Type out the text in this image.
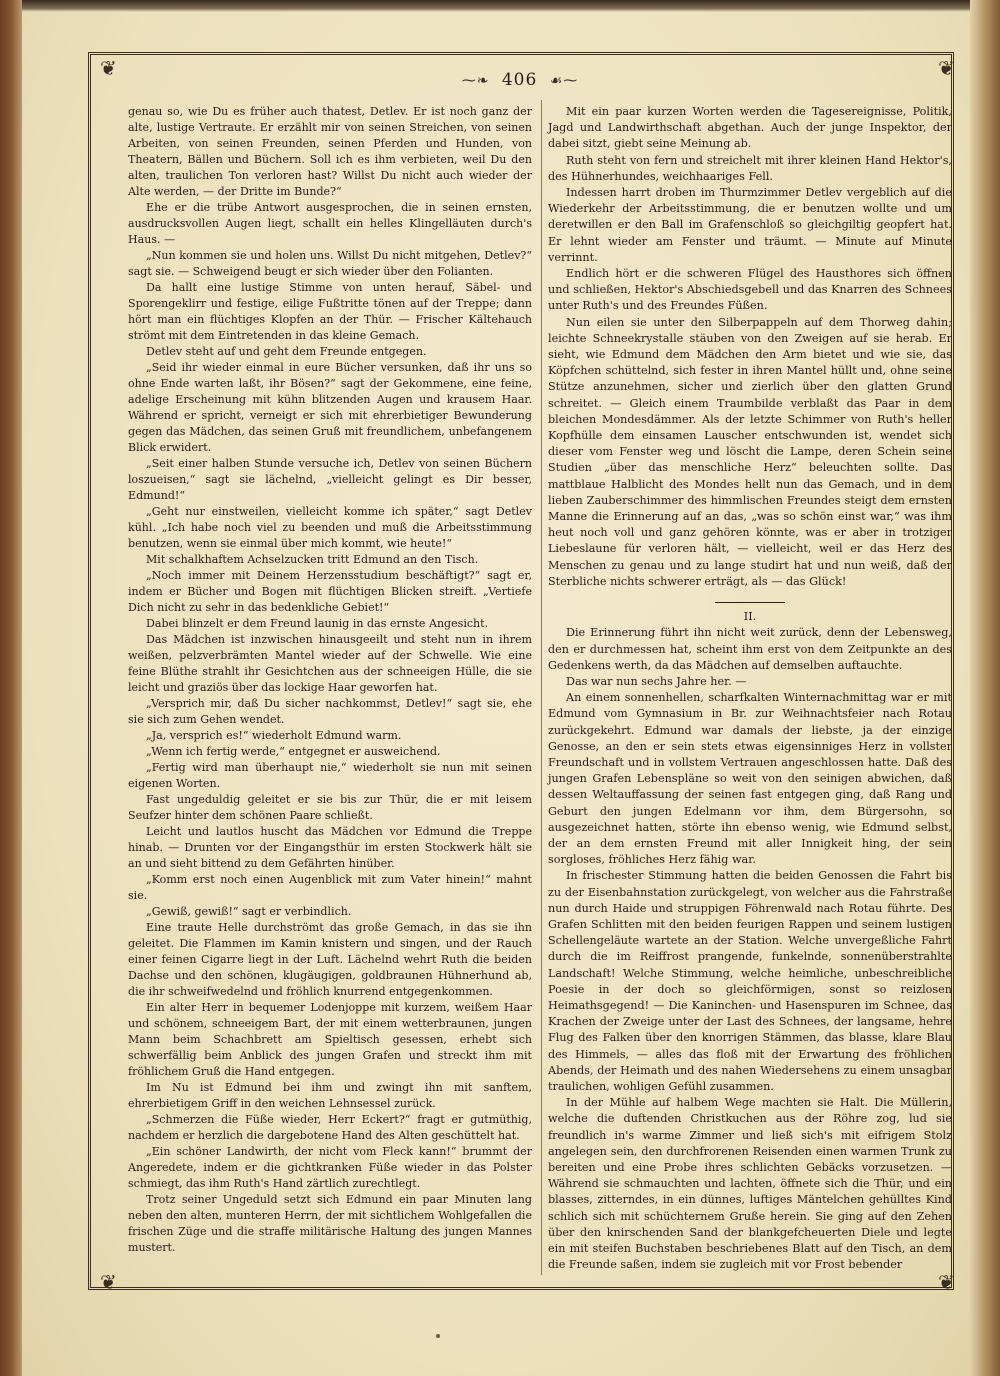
❦	❦
❦	❦
⁓❧ 406 ☙⁓

genau so, wie Du es früher auch thatest, Detlev. Er ist noch ganz der alte, lustige Vertraute. Er erzählt mir von seinen Streichen, von seinen Arbeiten, von seinen Freunden, seinen Pferden und Hunden, von Theatern, Bällen und Büchern. Soll ich es ihm verbieten, weil Du den alten, traulichen Ton verloren hast? Willst Du nicht auch wieder der Alte werden, — der Dritte im Bunde?“

Ehe er die trübe Antwort ausgesprochen, die in seinen ernsten, ausdrucksvollen Augen liegt, schallt ein helles Klingelläuten durch's Haus. —

„Nun kommen sie und holen uns. Willst Du nicht mitgehen, Detlev?“ sagt sie. — Schweigend beugt er sich wieder über den Folianten.

Da hallt eine lustige Stimme von unten herauf, Säbel- und Sporengeklirr und festige, eilige Fußtritte tönen auf der Treppe; dann hört man ein flüchtiges Klopfen an der Thür. — Frischer Kältehauch strömt mit dem Eintretenden in das kleine Gemach.

Detlev steht auf und geht dem Freunde entgegen.

„Seid ihr wieder einmal in eure Bücher versunken, daß ihr uns so ohne Ende warten laßt, ihr Bösen?“ sagt der Gekommene, eine feine, adelige Erscheinung mit kühn blitzenden Augen und krausem Haar. Während er spricht, verneigt er sich mit ehrerbietiger Bewunderung gegen das Mädchen, das seinen Gruß mit freundlichem, unbefangenem Blick erwidert.

„Seit einer halben Stunde versuche ich, Detlev von seinen Büchern loszueisen,“ sagt sie lächelnd, „vielleicht gelingt es Dir besser, Edmund!“

„Geht nur einstweilen, vielleicht komme ich später,“ sagt Detlev kühl. „Ich habe noch viel zu beenden und muß die Arbeitsstimmung benutzen, wenn sie einmal über mich kommt, wie heute!“

Mit schalkhaftem Achselzucken tritt Edmund an den Tisch.

„Noch immer mit Deinem Herzensstudium beschäftigt?“ sagt er, indem er Bücher und Bogen mit flüchtigen Blicken streift. „Vertiefe Dich nicht zu sehr in das bedenkliche Gebiet!“

Dabei blinzelt er dem Freund launig in das ernste Angesicht.

Das Mädchen ist inzwischen hinausgeeilt und steht nun in ihrem weißen, pelzverbrämten Mantel wieder auf der Schwelle. Wie eine feine Blüthe strahlt ihr Gesichtchen aus der schneeigen Hülle, die sie leicht und graziös über das lockige Haar geworfen hat.

„Versprich mir, daß Du sicher nachkommst, Detlev!“ sagt sie, ehe sie sich zum Gehen wendet.

„Ja, versprich es!“ wiederholt Edmund warm.

„Wenn ich fertig werde,“ entgegnet er ausweichend.

„Fertig wird man überhaupt nie,“ wiederholt sie nun mit seinen eigenen Worten.

Fast ungeduldig geleitet er sie bis zur Thür, die er mit leisem Seufzer hinter dem schönen Paare schließt.

Leicht und lautlos huscht das Mädchen vor Edmund die Treppe hinab. — Drunten vor der Eingangsthür im ersten Stockwerk hält sie an und sieht bittend zu dem Gefährten hinüber.

„Komm erst noch einen Augenblick mit zum Vater hinein!“ mahnt sie.

„Gewiß, gewiß!“ sagt er verbindlich.

Eine traute Helle durchströmt das große Gemach, in das sie ihn geleitet. Die Flammen im Kamin knistern und singen, und der Rauch einer feinen Cigarre liegt in der Luft. Lächelnd wehrt Ruth die beiden Dachse und den schönen, klugäugigen, goldbraunen Hühnerhund ab, die ihr schweifwedelnd und fröhlich knurrend entgegenkommen.

Ein alter Herr in bequemer Lodenjoppe mit kurzem, weißem Haar und schönem, schneeigem Bart, der mit einem wetterbraunen, jungen Mann beim Schachbrett am Spieltisch gesessen, erhebt sich schwerfällig beim Anblick des jungen Grafen und streckt ihm mit fröhlichem Gruß die Hand entgegen.

Im Nu ist Edmund bei ihm und zwingt ihn mit sanftem, ehrerbietigem Griff in den weichen Lehnsessel zurück.

„Schmerzen die Füße wieder, Herr Eckert?“ fragt er gutmüthig, nachdem er herzlich die dargebotene Hand des Alten geschüttelt hat.

„Ein schöner Landwirth, der nicht vom Fleck kann!“ brummt der Angeredete, indem er die gichtkranken Füße wieder in das Polster schmiegt, das ihm Ruth's Hand zärtlich zurechtlegt.

Trotz seiner Ungeduld setzt sich Edmund ein paar Minuten lang neben den alten, munteren Herrn, der mit sichtlichem Wohlgefallen die frischen Züge und die straffe militärische Haltung des jungen Mannes mustert.

Mit ein paar kurzen Worten werden die Tagesereignisse, Politik, Jagd und Landwirthschaft abgethan. Auch der junge Inspektor, der dabei sitzt, giebt seine Meinung ab.

Ruth steht von fern und streichelt mit ihrer kleinen Hand Hektor's, des Hühnerhundes, weichhaariges Fell.

Indessen harrt droben im Thurmzimmer Detlev vergeblich auf die Wiederkehr der Arbeitsstimmung, die er benutzen wollte und um deretwillen er den Ball im Grafenschloß so gleichgiltig geopfert hat. Er lehnt wieder am Fenster und träumt. — Minute auf Minute verrinnt.

Endlich hört er die schweren Flügel des Hausthores sich öffnen und schließen, Hektor's Abschiedsgebell und das Knarren des Schnees unter Ruth's und des Freundes Füßen.

Nun eilen sie unter den Silberpappeln auf dem Thorweg dahin; leichte Schneekrystalle stäuben von den Zweigen auf sie herab. Er sieht, wie Edmund dem Mädchen den Arm bietet und wie sie, das Köpfchen schüttelnd, sich fester in ihren Mantel hüllt und, ohne seine Stütze anzunehmen, sicher und zierlich über den glatten Grund schreitet. — Gleich einem Traumbilde verblaßt das Paar in dem bleichen Mondesdämmer. Als der letzte Schimmer von Ruth's heller Kopfhülle dem einsamen Lauscher entschwunden ist, wendet sich dieser vom Fenster weg und löscht die Lampe, deren Schein seine Studien „über das menschliche Herz“ beleuchten sollte. Das mattblaue Halblicht des Mondes hellt nun das Gemach, und in dem lieben Zauberschimmer des himmlischen Freundes steigt dem ernsten Manne die Erinnerung auf an das, „was so schön einst war,“ was ihm heut noch voll und ganz gehören könnte, was er aber in trotziger Liebeslaune für verloren hält, — vielleicht, weil er das Herz des Menschen zu genau und zu lange studirt hat und nun weiß, daß der Sterbliche nichts schwerer erträgt, als — das Glück!

II.

Die Erinnerung führt ihn nicht weit zurück, denn der Lebensweg, den er durchmessen hat, scheint ihm erst von dem Zeitpunkte an des Gedenkens werth, da das Mädchen auf demselben auftauchte.

Das war nun sechs Jahre her. —

An einem sonnenhellen, scharfkalten Winternachmittag war er mit Edmund vom Gymnasium in Br. zur Weihnachtsfeier nach Rotau zurückgekehrt. Edmund war damals der liebste, ja der einzige Genosse, an den er sein stets etwas eigensinniges Herz in vollster Freundschaft und in vollstem Vertrauen angeschlossen hatte. Daß des jungen Grafen Lebenspläne so weit von den seinigen abwichen, daß dessen Weltauffassung der seinen fast entgegen ging, daß Rang und Geburt den jungen Edelmann vor ihm, dem Bürgersohn, so ausgezeichnet hatten, störte ihn ebenso wenig, wie Edmund selbst, der an dem ernsten Freund mit aller Innigkeit hing, der sein sorgloses, fröhliches Herz fähig war.

In frischester Stimmung hatten die beiden Genossen die Fahrt bis zu der Eisenbahnstation zurückgelegt, von welcher aus die Fahrstraße nun durch Haide und struppigen Föhrenwald nach Rotau führte. Des Grafen Schlitten mit den beiden feurigen Rappen und seinem lustigen Schellengeläute wartete an der Station. Welche unvergeßliche Fahrt durch die im Reiffrost prangende, funkelnde, sonnenüberstrahlte Landschaft! Welche Stimmung, welche heimliche, unbeschreibliche Poesie in der doch so gleichförmigen, sonst so reizlosen Heimathsgegend! — Die Kaninchen- und Hasenspuren im Schnee, das Krachen der Zweige unter der Last des Schnees, der langsame, hehre Flug des Falken über den knorrigen Stämmen, das blasse, klare Blau des Himmels, — alles das floß mit der Erwartung des fröhlichen Abends, der Heimath und des nahen Wiedersehens zu einem unsagbar traulichen, wohligen Gefühl zusammen.

In der Mühle auf halbem Wege machten sie Halt. Die Müllerin, welche die duftenden Christkuchen aus der Röhre zog, lud sie freundlich in's warme Zimmer und ließ sich's mit eifrigem Stolz angelegen sein, den durchfrorenen Reisenden einen warmen Trunk zu bereiten und eine Probe ihres schlichten Gebäcks vorzusetzen. — Während sie schmauchten und lachten, öffnete sich die Thür, und ein blasses, zitterndes, in ein dünnes, luftiges Mäntelchen gehülltes Kind schlich sich mit schüchternem Gruße herein. Sie ging auf den Zehen über den knirschenden Sand der blankgefcheuerten Diele und legte ein mit steifen Buchstaben beschriebenes Blatt auf den Tisch, an dem die Freunde saßen, indem sie zugleich mit vor Frost bebender
